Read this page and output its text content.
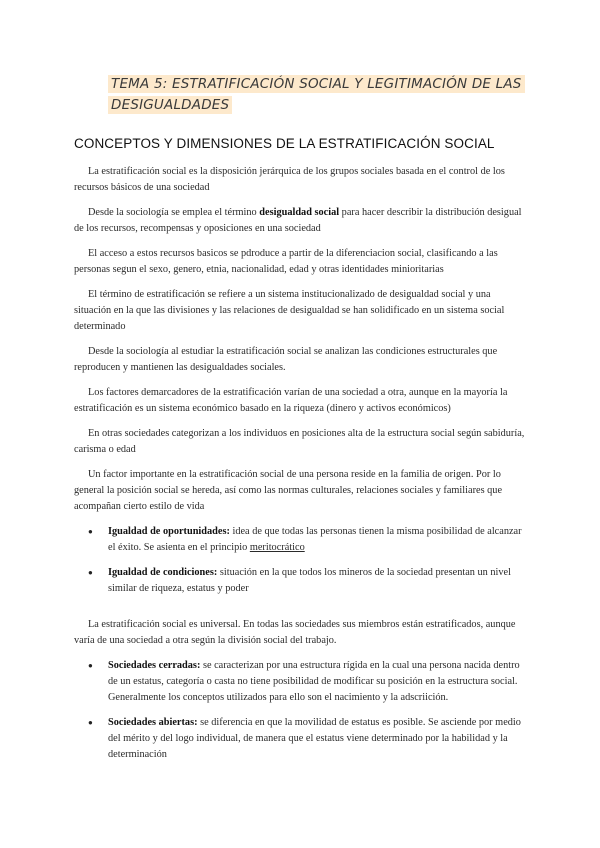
TEMA 5: ESTRATIFICACIÓN SOCIAL Y LEGITIMACIÓN DE LAS DESIGUALDADES
CONCEPTOS Y DIMENSIONES DE LA ESTRATIFICACIÓN SOCIAL

La estratificación social es la disposición jerárquica de los grupos sociales basada en el control de los recursos básicos de una sociedad

Desde la sociología se emplea el término desigualdad social para hacer describir la distribución desigual de los recursos, recompensas y oposiciones en una sociedad

El acceso a estos recursos basicos se pdroduce a partir de la diferenciacion social, clasificando a las personas segun el sexo, genero, etnia, nacionalidad, edad y otras identidades minioritarias

El término de estratificación se refiere a un sistema institucionalizado de desigualdad social y una situación en la que las divisiones y las relaciones de desigualdad se han solidificado en un sistema social determinado

Desde la sociología al estudiar la estratificación social se analizan las condiciones estructurales que reproducen y mantienen las desigualdades sociales.

Los factores demarcadores de la estratificación varían de una sociedad a otra, aunque en la mayoría la estratificación es un sistema económico basado en la riqueza (dinero y activos económicos)

En otras sociedades categorizan a los individuos en posiciones alta de la estructura social según sabiduría, carisma o edad

Un factor importante en la estratificación social de una persona reside en la familia de origen. Por lo general la posición social se hereda, así como las normas culturales, relaciones sociales y familiares que acompañan cierto estilo de vida

● Igualdad de oportunidades: idea de que todas las personas tienen la misma posibilidad de alcanzar el éxito. Se asienta en el principio meritocrático
● Igualdad de condiciones: situación en la que todos los mineros de la sociedad presentan un nivel similar de riqueza, estatus y poder

La estratificación social es universal. En todas las sociedades sus miembros están estratificados, aunque varía de una sociedad a otra según la división social del trabajo.

● Sociedades cerradas: se caracterizan por una estructura rígida en la cual una persona nacida dentro de un estatus, categoría o casta no tiene posibilidad de modificar su posición en la estructura social. Generalmente los conceptos utilizados para ello son el nacimiento y la adscriición.
● Sociedades abiertas: se diferencia en que la movilidad de estatus es posible. Se asciende por medio del mérito y del logo individual, de manera que el estatus viene determinado por la habilidad y la determinación
